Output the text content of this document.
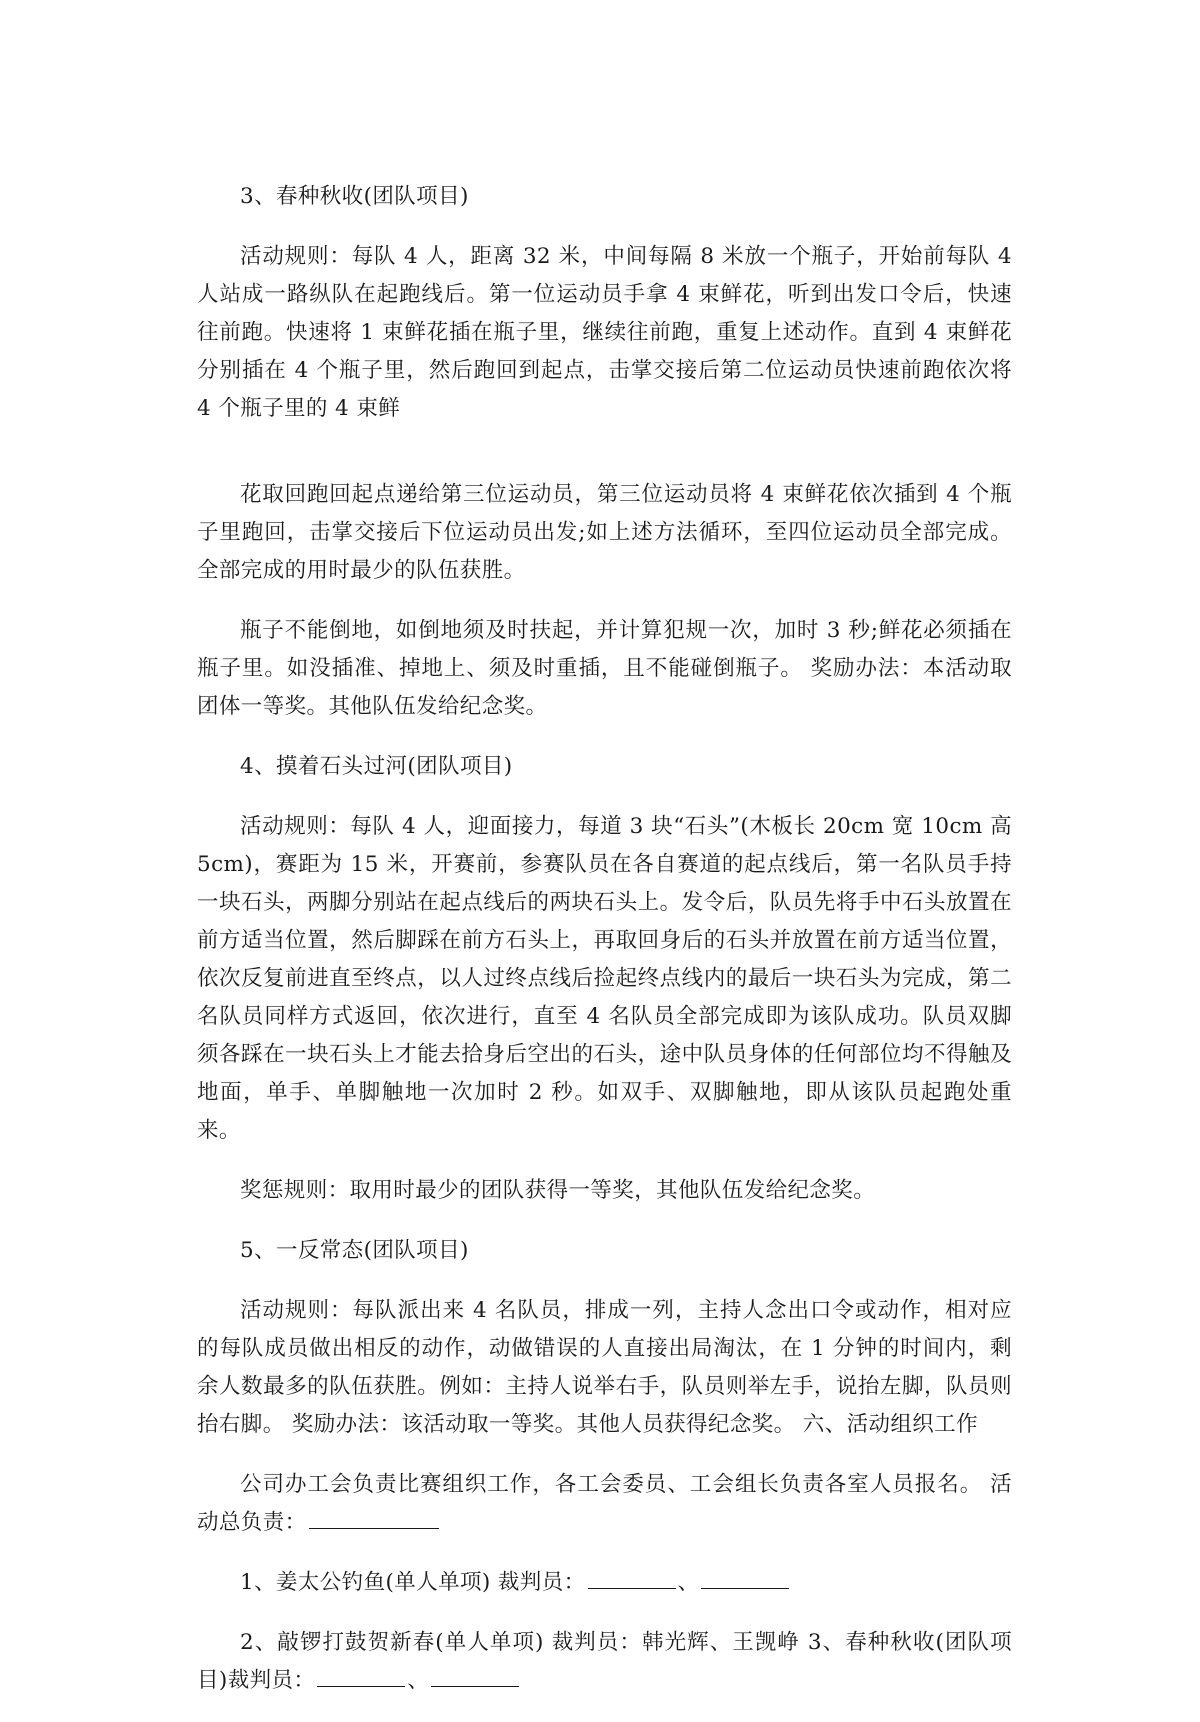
3、春种秋收(团队项目)

活动规则：每队 4 人，距离 32 米，中间每隔 8 米放一个瓶子，开始前每队 4 人站成一路纵队在起跑线后。第一位运动员手拿 4 束鲜花，听到出发口令后，快速往前跑。快速将 1 束鲜花插在瓶子里，继续往前跑，重复上述动作。直到 4 束鲜花分别插在 4 个瓶子里，然后跑回到起点，击掌交接后第二位运动员快速前跑依次将 4 个瓶子里的 4 束鲜

花取回跑回起点递给第三位运动员，第三位运动员将 4 束鲜花依次插到 4 个瓶子里跑回，击掌交接后下位运动员出发;如上述方法循环，至四位运动员全部完成。全部完成的用时最少的队伍获胜。

瓶子不能倒地，如倒地须及时扶起，并计算犯规一次，加时 3 秒;鲜花必须插在瓶子里。如没插准、掉地上、须及时重插，且不能碰倒瓶子。 奖励办法：本活动取团体一等奖。其他队伍发给纪念奖。

4、摸着石头过河(团队项目)

活动规则：每队 4 人，迎面接力，每道 3 块“石头”(木板长 20cm 宽 10cm 高 5cm)，赛距为 15 米，开赛前，参赛队员在各自赛道的起点线后，第一名队员手持一块石头，两脚分别站在起点线后的两块石头上。发令后，队员先将手中石头放置在前方适当位置，然后脚踩在前方石头上，再取回身后的石头并放置在前方适当位置，依次反复前进直至终点，以人过终点线后捡起终点线内的最后一块石头为完成，第二名队员同样方式返回，依次进行，直至 4 名队员全部完成即为该队成功。队员双脚须各踩在一块石头上才能去拾身后空出的石头，途中队员身体的任何部位均不得触及地面，单手、单脚触地一次加时 2 秒。如双手、双脚触地，即从该队员起跑处重来。

奖惩规则：取用时最少的团队获得一等奖，其他队伍发给纪念奖。

5、一反常态(团队项目)

活动规则：每队派出来 4 名队员，排成一列，主持人念出口令或动作，相对应的每队成员做出相反的动作，动做错误的人直接出局淘汰，在 1 分钟的时间内，剩余人数最多的队伍获胜。例如：主持人说举右手，队员则举左手，说抬左脚，队员则抬右脚。 奖励办法：该活动取一等奖。其他人员获得纪念奖。 六、活动组织工作

公司办工会负责比赛组织工作，各工会委员、工会组长负责各室人员报名。 活动总负责：

1、姜太公钓鱼(单人单项) 裁判员：	、

2、敲锣打鼓贺新春(单人单项) 裁判员：韩光辉、王觊峥 3、春种秋收(团队项目)裁判员：	、
